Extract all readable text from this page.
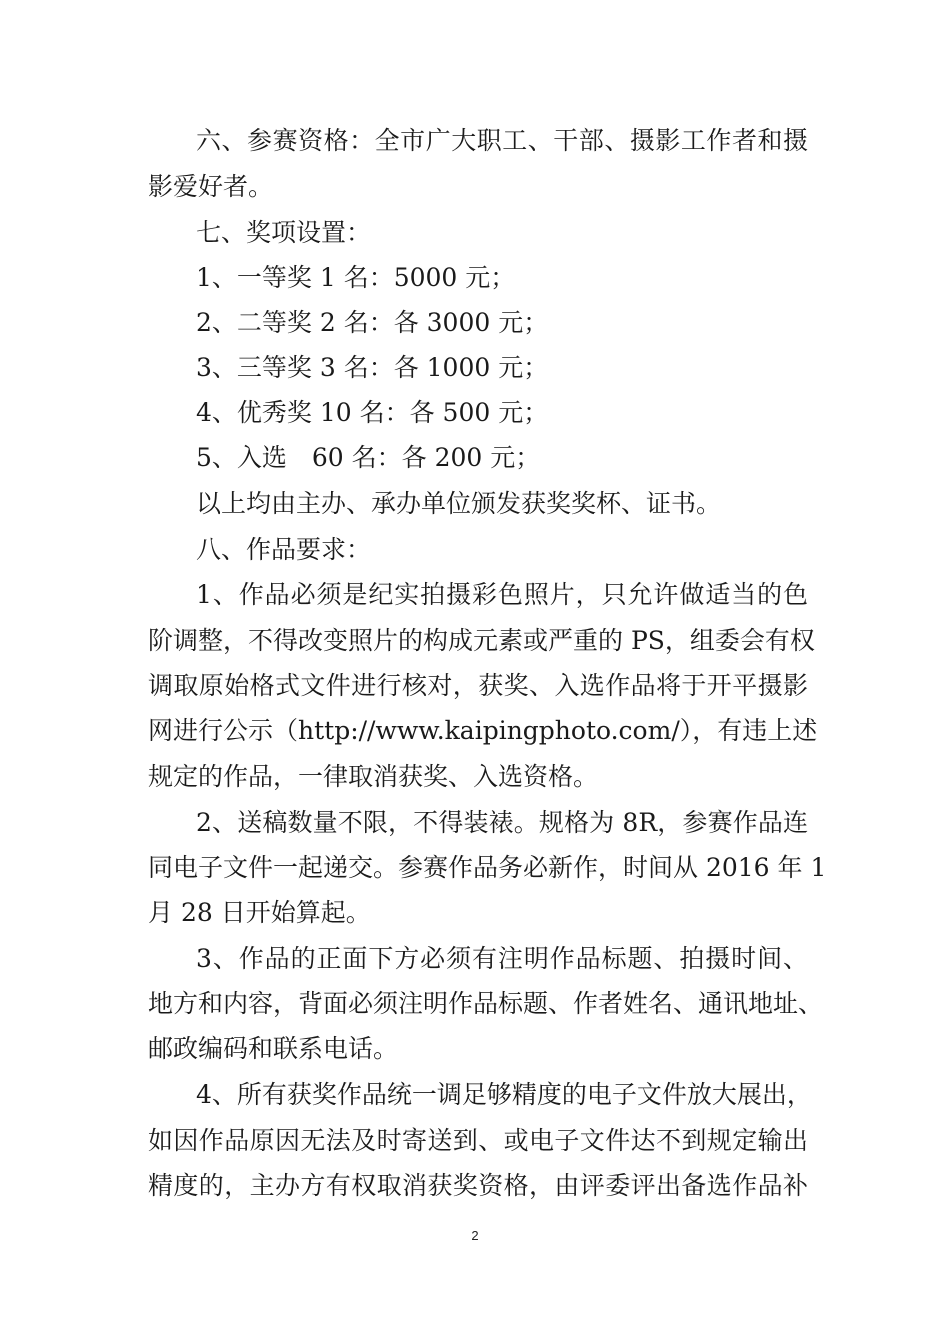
六、参赛资格：全市广大职工、干部、摄影工作者和摄
影爱好者。
七、奖项设置：
1、一等奖 1 名：5000 元；
2、二等奖 2 名：各 3000 元；
3、三等奖 3 名：各 1000 元；
4、优秀奖 10 名：各 500 元；
5、入选　60 名：各 200 元；
以上均由主办、承办单位颁发获奖奖杯、证书。
八、作品要求：
1、作品必须是纪实拍摄彩色照片，只允许做适当的色
阶调整，不得改变照片的构成元素或严重的 PS，组委会有权
调取原始格式文件进行核对，获奖、入选作品将于开平摄影
网进行公示（http://www.kaipingphoto.com/），有违上述
规定的作品，一律取消获奖、入选资格。
2、送稿数量不限，不得装裱。规格为 8R，参赛作品连
同电子文件一起递交。参赛作品务必新作，时间从 2016 年 1
月 28 日开始算起。
3、作品的正面下方必须有注明作品标题、拍摄时间、
地方和内容，背面必须注明作品标题、作者姓名、通讯地址、
邮政编码和联系电话。
4、所有获奖作品统一调足够精度的电子文件放大展出，
如因作品原因无法及时寄送到、或电子文件达不到规定输出
精度的，主办方有权取消获奖资格，由评委评出备选作品补
2
